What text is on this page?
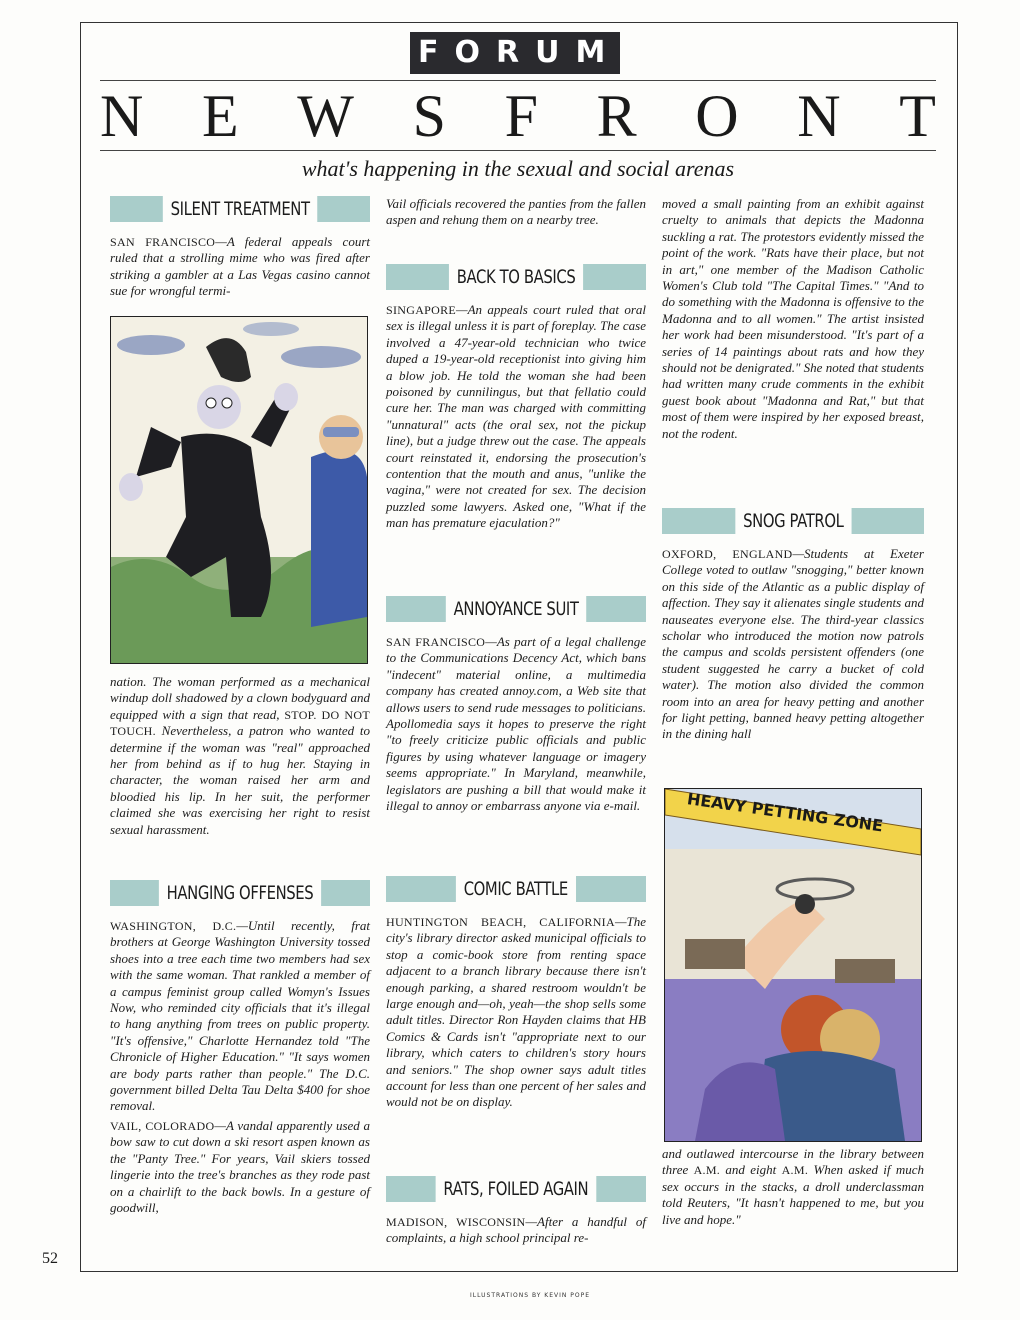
FORUM
N E W S F R O N T
what's happening in the sexual and social arenas
SILENT TREATMENT

SAN FRANCISCO—A federal appeals court ruled that a strolling mime who was fired after striking a gambler at a Las Vegas casino cannot sue for wrongful termi-

nation. The woman performed as a mechanical windup doll shadowed by a clown bodyguard and equipped with a sign that read, STOP. DO NOT TOUCH. Nevertheless, a patron who wanted to determine if the woman was "real" approached her from behind as if to hug her. Staying in character, the woman raised her arm and bloodied his lip. In her suit, the performer claimed she was exercising her right to resist sexual harassment.

HANGING OFFENSES

WASHINGTON, D.C.—Until recently, frat brothers at George Washington University tossed shoes into a tree each time two members had sex with the same woman. That rankled a member of a campus feminist group called Womyn's Issues Now, who reminded city officials that it's illegal to hang anything from trees on public property. "It's offensive," Charlotte Hernandez told "The Chronicle of Higher Education." "It says women are body parts rather than people." The D.C. government billed Delta Tau Delta $400 for shoe removal.

VAIL, COLORADO—A vandal apparently used a bow saw to cut down a ski resort aspen known as the "Panty Tree." For years, Vail skiers tossed lingerie into the tree's branches as they rode past on a chairlift to the back bowls. In a gesture of goodwill,

Vail officials recovered the panties from the fallen aspen and rehung them on a nearby tree.

BACK TO BASICS

SINGAPORE—An appeals court ruled that oral sex is illegal unless it is part of foreplay. The case involved a 47-year-old technician who twice duped a 19-year-old receptionist into giving him a blow job. He told the woman she had been poisoned by cunnilingus, but that fellatio could cure her. The man was charged with committing "unnatural" acts (the oral sex, not the pickup line), but a judge threw out the case. The appeals court reinstated it, endorsing the prosecution's contention that the mouth and anus, "unlike the vagina," were not created for sex. The decision puzzled some lawyers. Asked one, "What if the man has premature ejaculation?"

ANNOYANCE SUIT

SAN FRANCISCO—As part of a legal challenge to the Communications Decency Act, which bans "indecent" material online, a multimedia company has created annoy.com, a Web site that allows users to send rude messages to politicians. Apollomedia says it hopes to preserve the right "to freely criticize public officials and public figures by using whatever language or imagery seems appropriate." In Maryland, meanwhile, legislators are pushing a bill that would make it illegal to annoy or embarrass anyone via e-mail.

COMIC BATTLE

HUNTINGTON BEACH, CALIFORNIA—The city's library director asked municipal officials to stop a comic-book store from renting space adjacent to a branch library because there isn't enough parking, a shared restroom wouldn't be large enough and—oh, yeah—the shop sells some adult titles. Director Ron Hayden claims that HB Comics & Cards isn't "appropriate next to our library, which caters to children's story hours and seniors." The shop owner says adult titles account for less than one percent of her sales and would not be on display.

RATS, FOILED AGAIN

MADISON, WISCONSIN—After a handful of complaints, a high school principal re-

moved a small painting from an exhibit against cruelty to animals that depicts the Madonna suckling a rat. The protestors evidently missed the point of the work. "Rats have their place, but not in art," one member of the Madison Catholic Women's Club told "The Capital Times." "And to do something with the Madonna is offensive to the Madonna and to all women." The artist insisted her work had been misunderstood. "It's part of a series of 14 paintings about rats and how they should not be denigrated." She noted that students had written many crude comments in the exhibit guest book about "Madonna and Rat," but that most of them were inspired by her exposed breast, not the rodent.

SNOG PATROL

OXFORD, ENGLAND—Students at Exeter College voted to outlaw "snogging," better known on this side of the Atlantic as a public display of affection. They say it alienates single students and nauseates everyone else. The third-year classics scholar who introduced the motion now patrols the campus and scolds persistent offenders (one student suggested he carry a bucket of cold water). The motion also divided the common room into an area for heavy petting and another for light petting, banned heavy petting altogether in the dining hall

HEAVY PETTING ZONE

and outlawed intercourse in the library between three A.M. and eight A.M. When asked if much sex occurs in the stacks, a droll underclassman told Reuters, "It hasn't happened to me, but you live and hope."

52
ILLUSTRATIONS BY KEVIN POPE
